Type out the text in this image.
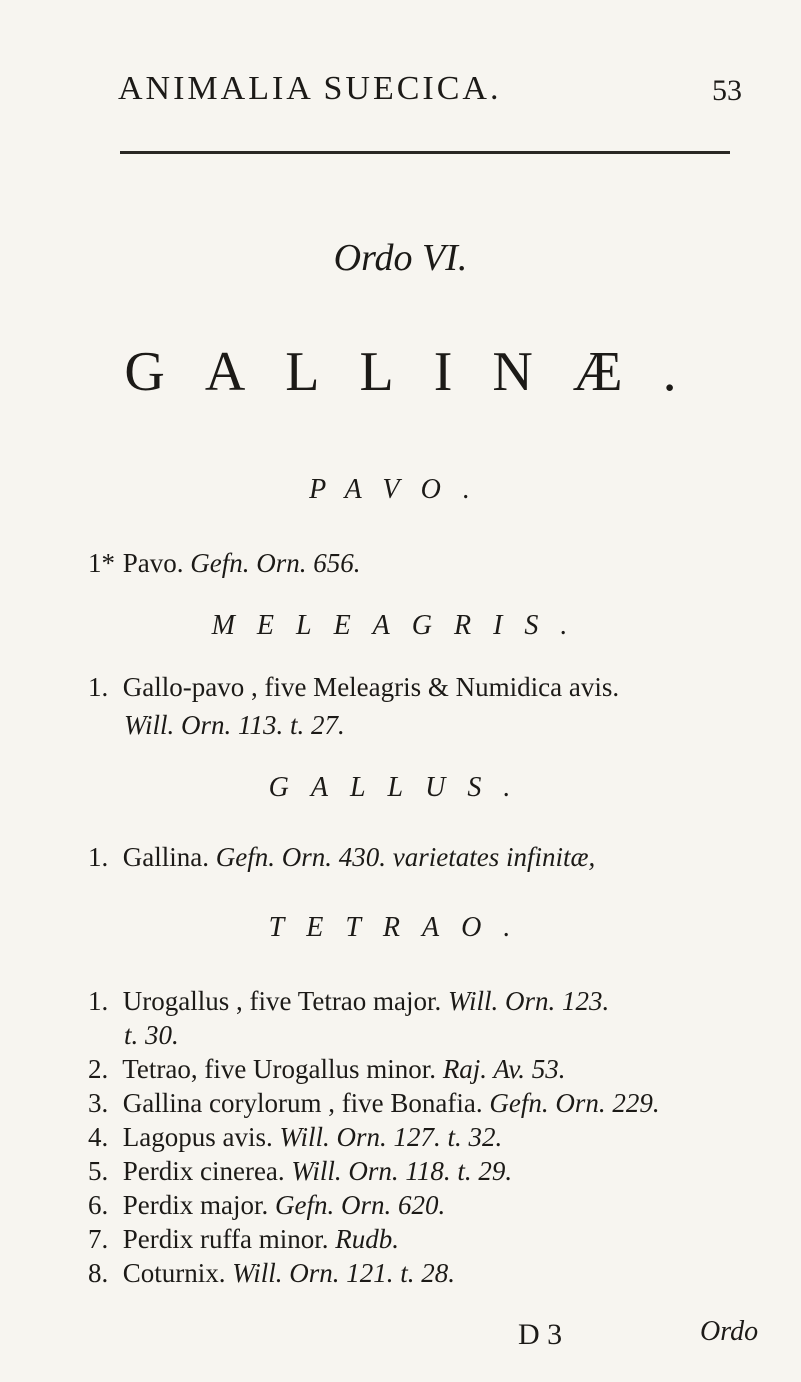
ANIMALIA SUECICA.	53
Ordo VI.
GALLINÆ.
PAVO.
1* Pavo. Gefn. Orn. 656.
MELEAGRIS.
1. Gallo-pavo , five Meleagris & Numidica avis.
Will. Orn. 113. t. 27.
GALLUS.
1. Gallina. Gefn. Orn. 430. varietates infinitæ,
TETRAO.
1. Urogallus , five Tetrao major. Will. Orn. 123.
t. 30.
2. Tetrao, five Urogallus minor. Raj. Av. 53.
3. Gallina corylorum , five Bonafia. Gefn. Orn. 229.
4. Lagopus avis. Will. Orn. 127. t. 32.
5. Perdix cinerea. Will. Orn. 118. t. 29.
6. Perdix major. Gefn. Orn. 620.
7. Perdix ruffa minor. Rudb.
8. Coturnix. Will. Orn. 121. t. 28.
D 3	Ordo
